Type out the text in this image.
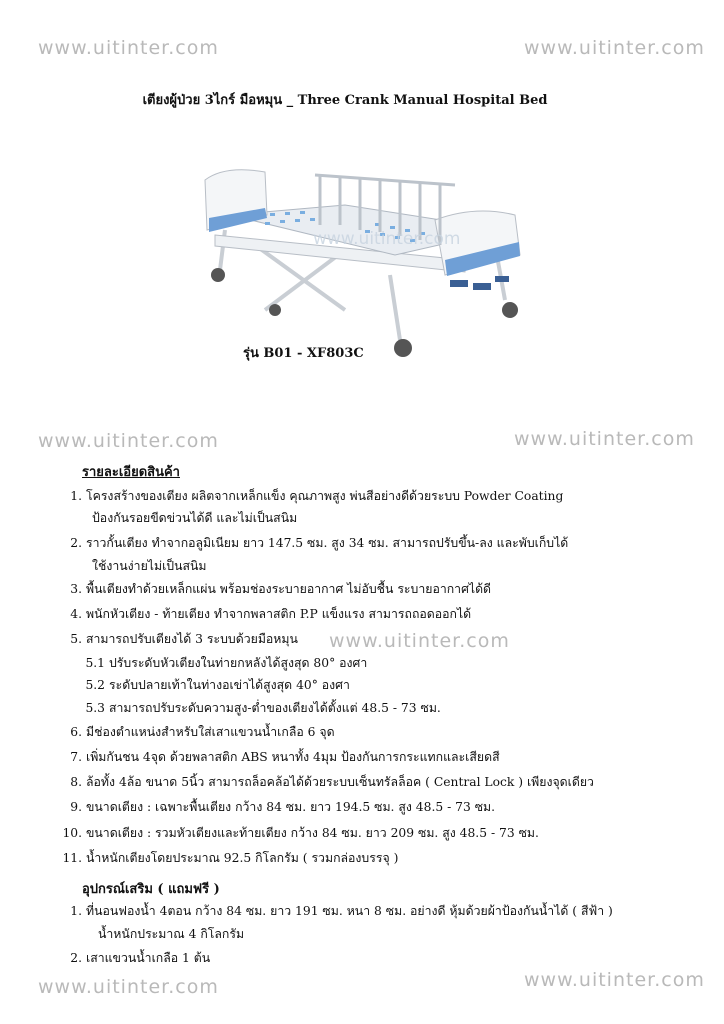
www.uitinter.com	www.uitinter.com
www.uitinter.com	www.uitinter.com
www.uitinter.com
www.uitinter.com	www.uitinter.com
เตียงผู้ป่วย 3ไกร์ มือหมุน _ Three Crank Manual Hospital Bed
www.uitinter.com
รุ่น B01 - XF803C
รายละเอียดสินค้า
1. โครงสร้างของเตียง ผลิตจากเหล็กแข็ง คุณภาพสูง พ่นสีอย่างดีด้วยระบบ Powder Coating
ป้องกันรอยขีดข่วนได้ดี และไม่เป็นสนิม
2. ราวกั้นเตียง ทำจากอลูมิเนียม ยาว 147.5 ซม. สูง 34 ซม. สามารถปรับขึ้น-ลง และพับเก็บได้
ใช้งานง่ายไม่เป็นสนิม
3. พื้นเตียงทำด้วยเหล็กแผ่น พร้อมช่องระบายอากาศ ไม่อับชื้น ระบายอากาศได้ดี
4. พนักหัวเตียง - ท้ายเตียง ทำจากพลาสติก P.P แข็งแรง สามารถถอดออกได้
5. สามารถปรับเตียงได้ 3 ระบบด้วยมือหมุน
5.1 ปรับระดับหัวเตียงในท่ายกหลังได้สูงสุด 80° องศา
5.2 ระดับปลายเท้าในท่างอเข่าได้สูงสุด 40° องศา
5.3 สามารถปรับระดับความสูง-ต่ำของเตียงได้ตั้งแต่ 48.5 - 73 ซม.
6. มีช่องตำแหน่งสำหรับใส่เสาแขวนน้ำเกลือ 6 จุด
7. เพิ่มกันชน 4จุด ด้วยพลาสติก ABS หนาทั้ง 4มุม ป้องกันการกระแทกและเสียดสี
8. ล้อทั้ง 4ล้อ ขนาด 5นิ้ว สามารถล็อคล้อได้ด้วยระบบเซ็นทรัลล็อค ( Central Lock ) เพียงจุดเดียว
9. ขนาดเตียง : เฉพาะพื้นเตียง กว้าง 84 ซม. ยาว 194.5 ซม. สูง 48.5 - 73 ซม.
10. ขนาดเตียง : รวมหัวเตียงและท้ายเตียง กว้าง 84 ซม. ยาว 209 ซม. สูง 48.5 - 73 ซม.
11. น้ำหนักเตียงโดยประมาณ 92.5 กิโลกรัม ( รวมกล่องบรรจุ )
อุปกรณ์เสริม ( แถมฟรี )
1. ที่นอนฟองน้ำ 4ตอน กว้าง 84 ซม. ยาว 191 ซม. หนา 8 ซม. อย่างดี หุ้มด้วยผ้าป้องกันน้ำได้ ( สีฟ้า )
น้ำหนักประมาณ 4 กิโลกรัม
2. เสาแขวนน้ำเกลือ 1 ต้น
